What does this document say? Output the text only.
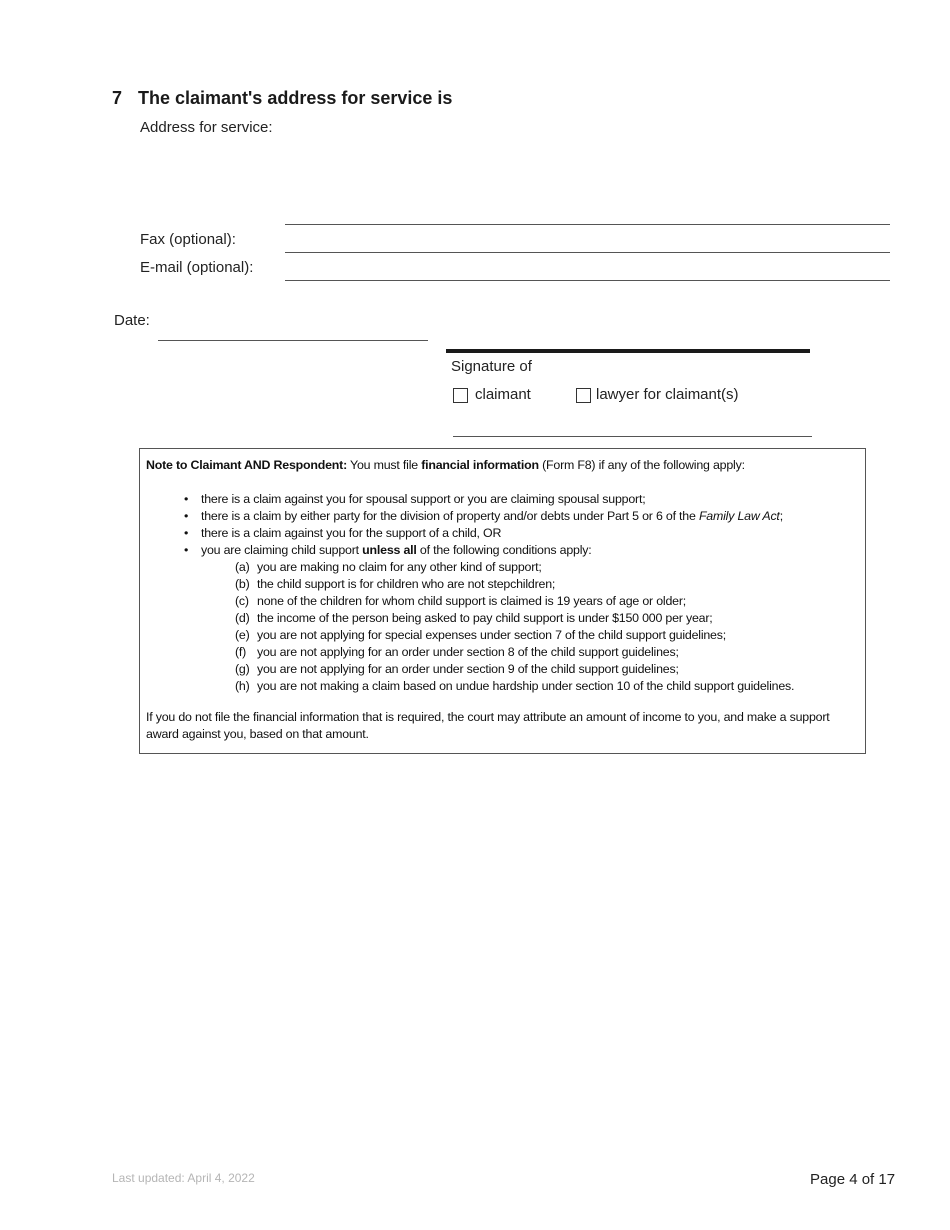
7 The claimant's address for service is
Address for service:
Fax (optional):
E-mail (optional):
Date:
Signature of
claimant	lawyer for claimant(s)
Note to Claimant AND Respondent: You must file financial information (Form F8) if any of the following apply:
• there is a claim against you for spousal support or you are claiming spousal support;
• there is a claim by either party for the division of property and/or debts under Part 5 or 6 of the Family Law Act;
• there is a claim against you for the support of a child, OR
• you are claiming child support unless all of the following conditions apply:
(a) you are making no claim for any other kind of support;
(b) the child support is for children who are not stepchildren;
(c) none of the children for whom child support is claimed is 19 years of age or older;
(d) the income of the person being asked to pay child support is under $150 000 per year;
(e) you are not applying for special expenses under section 7 of the child support guidelines;
(f) you are not applying for an order under section 8 of the child support guidelines;
(g) you are not applying for an order under section 9 of the child support guidelines;
(h) you are not making a claim based on undue hardship under section 10 of the child support guidelines.
If you do not file the financial information that is required, the court may attribute an amount of income to you, and make a support award against you, based on that amount.
Last updated: April 4, 2022	Page 4 of 17
